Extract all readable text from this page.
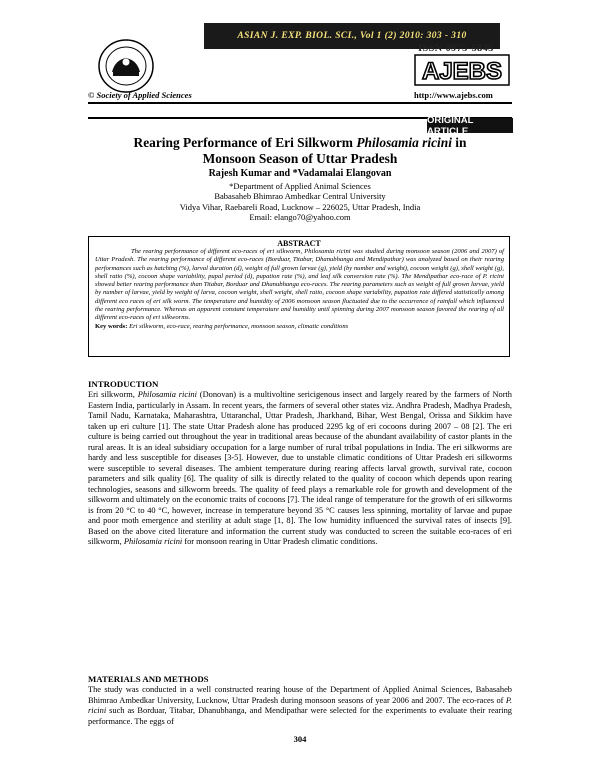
ASIAN J. EXP. BIOL. SCI., Vol 1 (2) 2010: 303 - 310
ISSN 0975-5845
AJEBS
http://www.ajebs.com
© Society of Applied Sciences
ORIGINAL ARTICLE
Rearing Performance of Eri Silkworm Philosamia ricini in
Monsoon Season of Uttar Pradesh
Rajesh Kumar and *Vadamalai Elangovan
*Department of Applied Animal Sciences
Babasaheb Bhimrao Ambedkar Central University
Vidya Vihar, Raebareli Road, Lucknow – 226025, Uttar Pradesh, India
Email: elango70@yahoo.com
ABSTRACT

The rearing performance of different eco-races of eri silkworm, Philosamia ricini was studied during monsoon season (2006 and 2007) of Uttar Pradesh. The rearing performance of different eco-races (Borduar, Titabar, Dhanubhanga and Mendipathar) was analyzed based on their rearing performances such as hatching (%), larval duration (d), weight of full grown larvae (g), yield (by number and weight), cocoon weight (g), shell weight (g), shell ratio (%), cocoon shape variability, pupal period (d), pupation rate (%), and leaf silk conversion rate (%). The Mendipathar eco-race of P. ricini showed better rearing performance than Titabar, Borduar and Dhanubhanga eco-races. The rearing parameters such as weight of full grown larvae, yield by number of larvae, yield by weight of larva, cocoon weight, shell weight, shell ratio, cocoon shape variability, pupation rate differed statistically among different eco races of eri silk worm. The temperature and humidity of 2006 monsoon season fluctuated due to the occurrence of rainfall which influenced the rearing performance. Whereas an apparent constant temperature and humidity until spinning during 2007 monsoon season favored the rearing of all different eco-races of eri silkworms.

Key words: Eri silkworm, eco-race, rearing performance, monsoon season, climatic conditions
INTRODUCTION

Eri silkworm, Philosamia ricini (Donovan) is a multivoltine sericigenous insect and largely reared by the farmers of North Eastern India, particularly in Assam. In recent years, the farmers of several other states viz. Andhra Pradesh, Madhya Pradesh, Tamil Nadu, Karnataka, Maharashtra, Uttaranchal, Uttar Pradesh, Jharkhand, Bihar, West Bengal, Orissa and Sikkim have taken up eri culture [1]. The state Uttar Pradesh alone has produced 2295 kg of eri cocoons during 2007 – 08 [2]. The eri culture is being carried out throughout the year in traditional areas because of the abundant availability of castor plants in the rural areas. It is an ideal subsidiary occupation for a large number of rural tribal populations in India. The eri silkworms are hardy and less susceptible for diseases [3-5]. However, due to unstable climatic conditions of Uttar Pradesh eri silkworms were susceptible to several diseases. The ambient temperature during rearing affects larval growth, survival rate, cocoon parameters and silk quality [6]. The quality of silk is directly related to the quality of cocoon which depends upon rearing technologies, seasons and silkworm breeds. The quality of feed plays a remarkable role for growth and development of the silkworm and ultimately on the economic traits of cocoons [7]. The ideal range of temperature for the growth of eri silkworms is from 20 °C to 40 °C, however, increase in temperature beyond 35 °C causes less spinning, mortality of larvae and pupae and poor moth emergence and sterility at adult stage [1, 8]. The low humidity influenced the survival rates of insects [9]. Based on the above cited literature and information the current study was conducted to screen the suitable eco-races of eri silkworm, Philosamia ricini for monsoon rearing in Uttar Pradesh climatic conditions.

MATERIALS AND METHODS

The study was conducted in a well constructed rearing house of the Department of Applied Animal Sciences, Babasaheb Bhimrao Ambedkar University, Lucknow, Uttar Pradesh during monsoon seasons of year 2006 and 2007. The eco-races of P. ricini such as Borduar, Titabar, Dhanubhanga, and Mendipathar were selected for the experiments to evaluate their rearing performance. The eggs of

304
